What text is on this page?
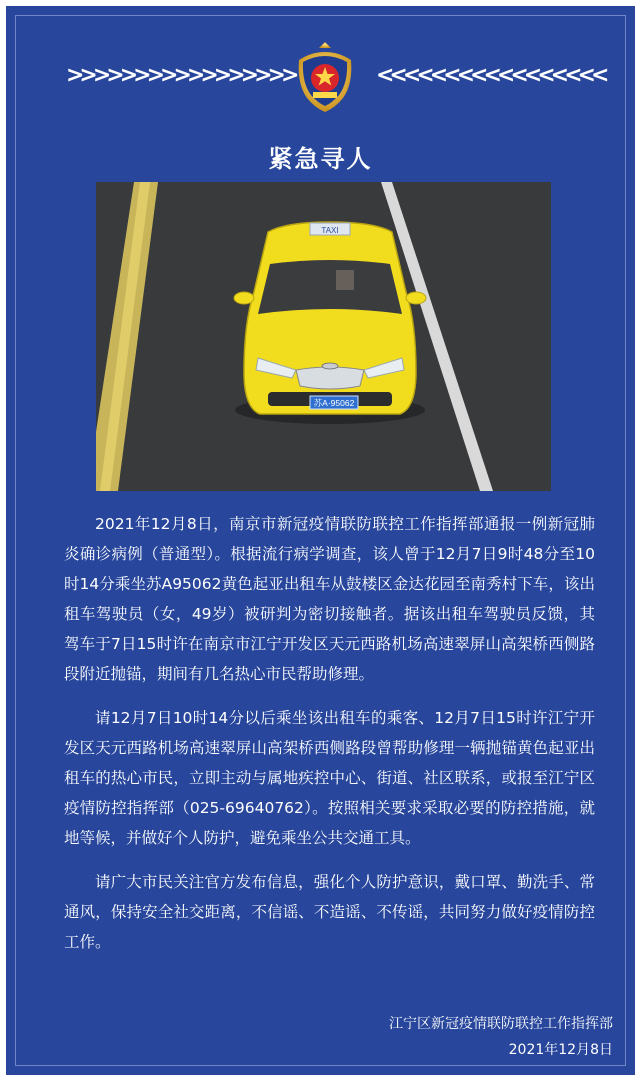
>>>>>>>>>>>>>>>>>	<<<<<<<<<<<<<<<<<
紧急寻人
TAXI
苏A·95062

2021年12月8日，南京市新冠疫情联防联控工作指挥部通报一例新冠肺炎确诊病例（普通型）。根据流行病学调查，该人曾于12月7日9时48分至10时14分乘坐苏A95062黄色起亚出租车从鼓楼区金达花园至南秀村下车，该出租车驾驶员（女，49岁）被研判为密切接触者。据该出租车驾驶员反馈，其驾车于7日15时许在南京市江宁开发区天元西路机场高速翠屏山高架桥西侧路段附近抛锚，期间有几名热心市民帮助修理。

请12月7日10时14分以后乘坐该出租车的乘客、12月7日15时许江宁开发区天元西路机场高速翠屏山高架桥西侧路段曾帮助修理一辆抛锚黄色起亚出租车的热心市民，立即主动与属地疾控中心、街道、社区联系，或报至江宁区疫情防控指挥部（025-69640762）。按照相关要求采取必要的防控措施，就地等候，并做好个人防护，避免乘坐公共交通工具。

请广大市民关注官方发布信息，强化个人防护意识，戴口罩、勤洗手、常通风，保持安全社交距离，不信谣、不造谣、不传谣，共同努力做好疫情防控工作。

江宁区新冠疫情联防联控工作指挥部
2021年12月8日
